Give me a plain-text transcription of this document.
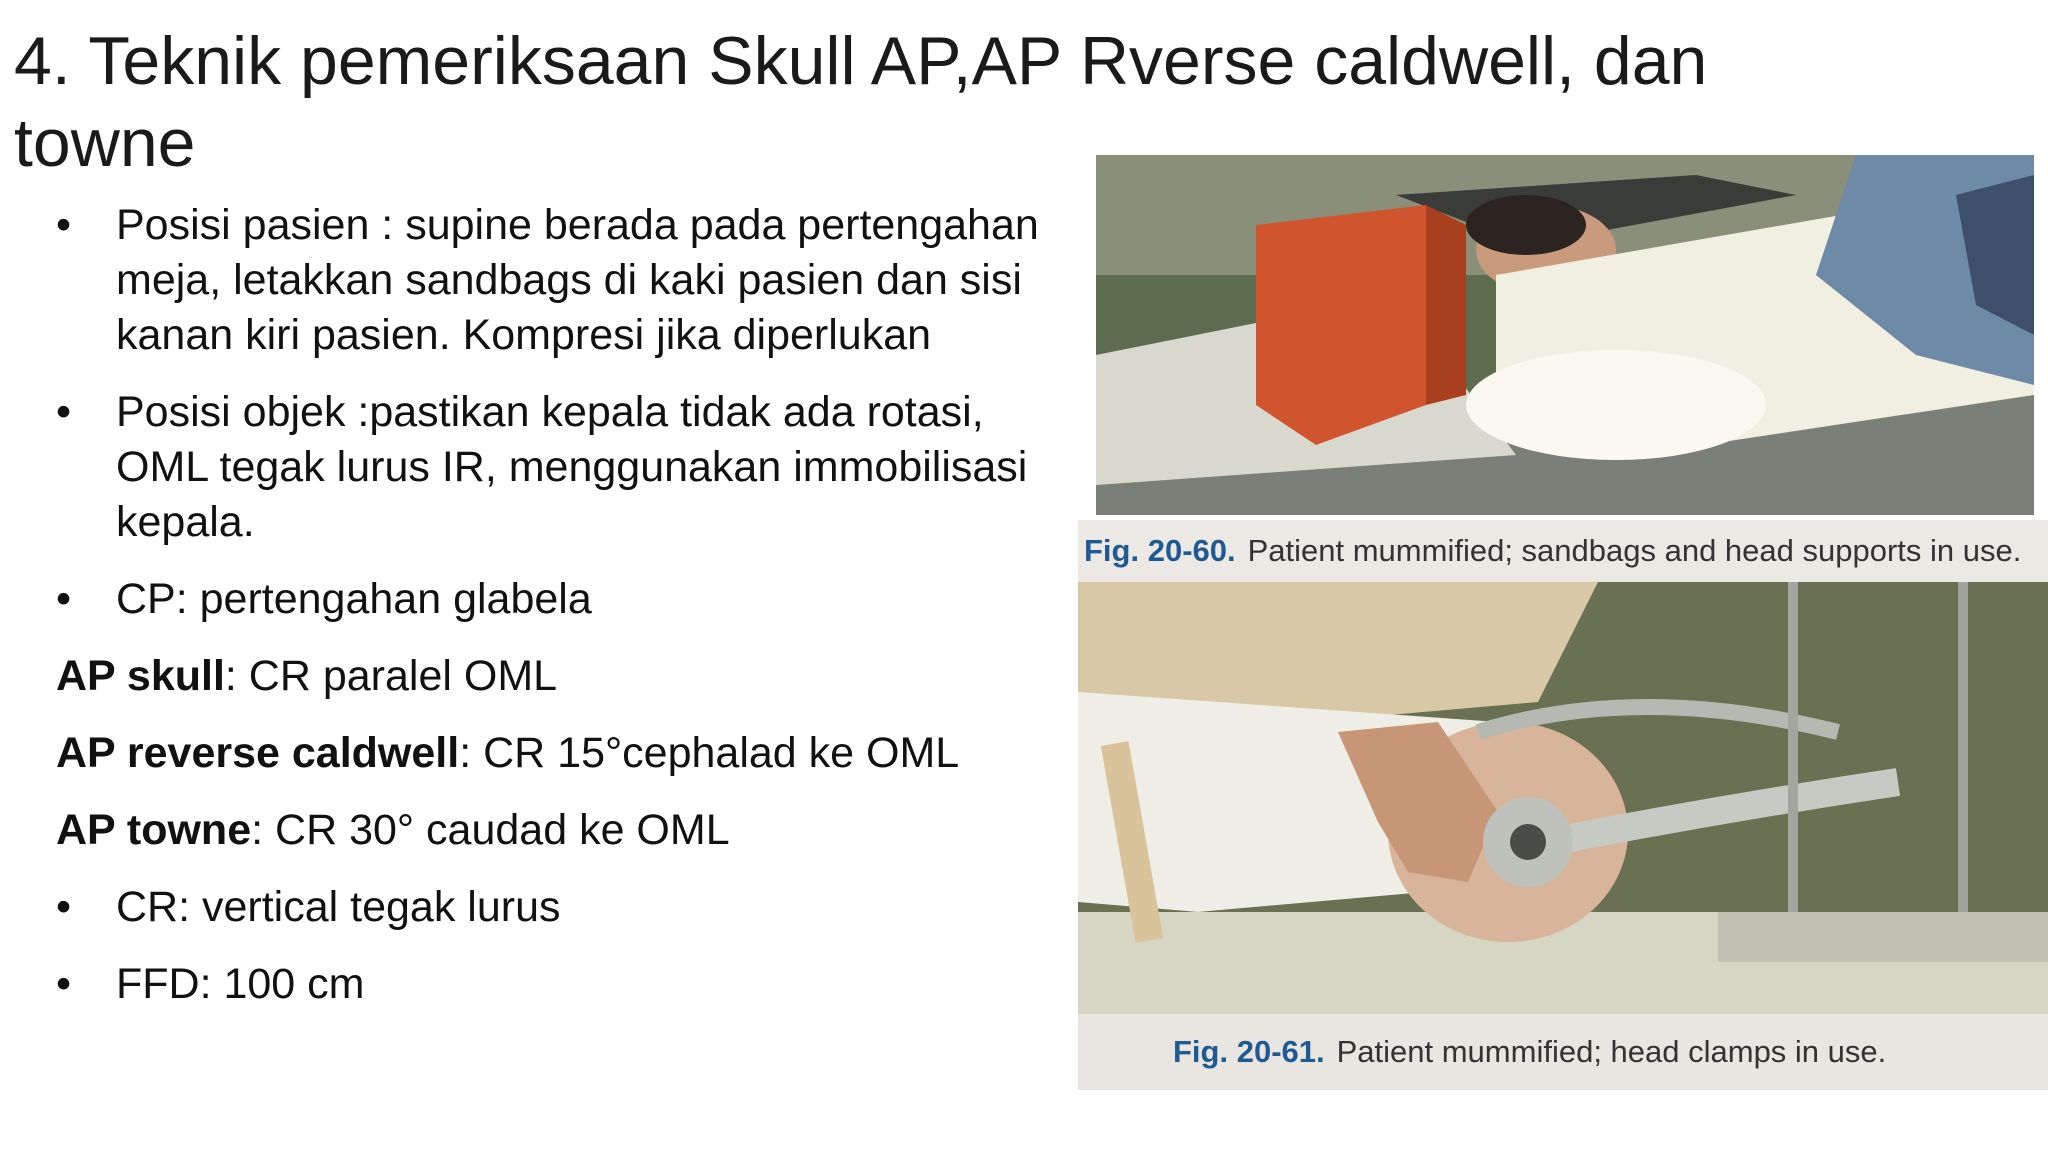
4. Teknik pemeriksaan Skull AP,AP Rverse caldwell, dan towne
•	Posisi pasien : supine berada pada pertengahan meja, letakkan sandbags di kaki pasien dan sisi kanan kiri pasien. Kompresi jika diperlukan
•	Posisi objek :pastikan kepala tidak ada rotasi, OML tegak lurus IR, menggunakan immobilisasi kepala.
•	CP: pertengahan glabela
AP skull: CR paralel OML
AP reverse caldwell: CR 15°cephalad ke OML
AP towne: CR 30° caudad ke OML
•	CR: vertical tegak lurus
•	FFD: 100 cm
Fig. 20-60. Patient mummified; sandbags and head supports in use.
Fig. 20-61. Patient mummified; head clamps in use.
